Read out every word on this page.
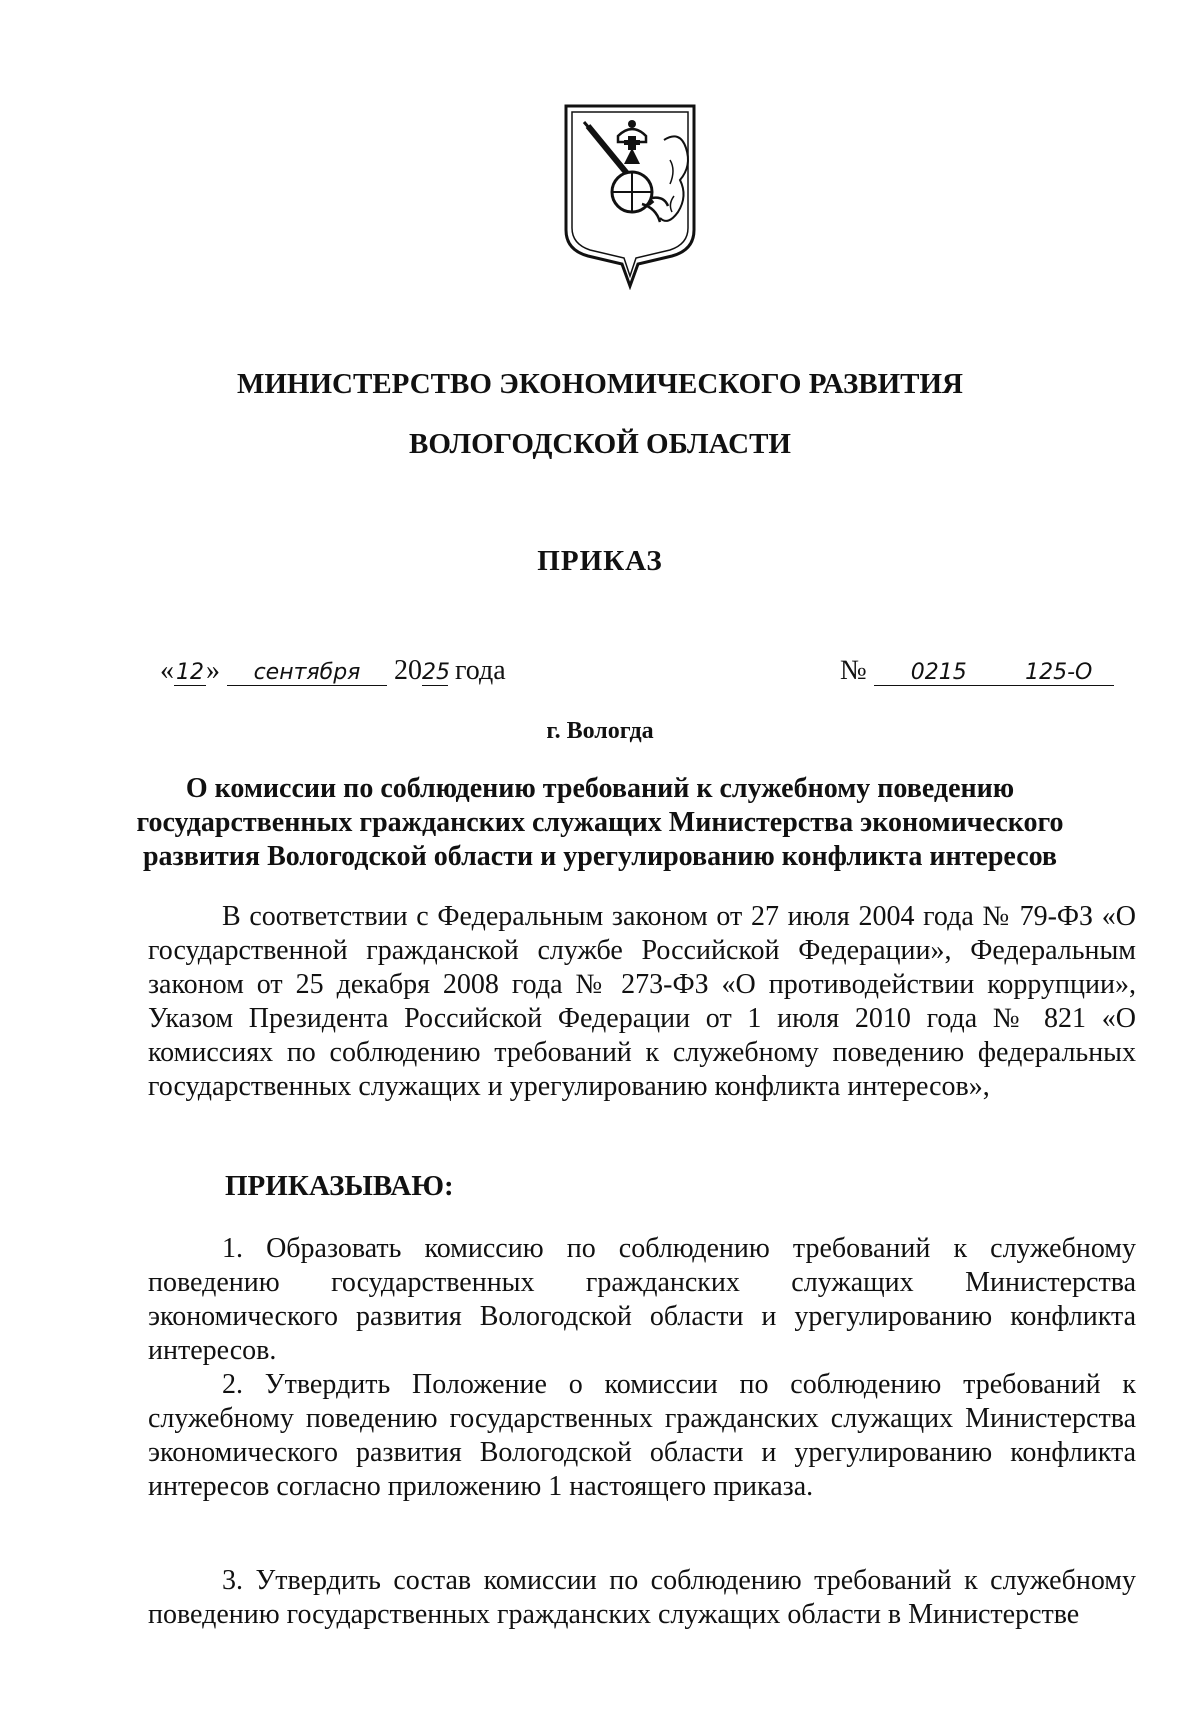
МИНИСТЕРСТВО ЭКОНОМИЧЕСКОГО РАЗВИТИЯ
ВОЛОГОДСКОЙ ОБЛАСТИ
ПРИКАЗ
«12» сентября 2025 года	№ 0215	125-О
г. Вологда
О комиссии по соблюдению требований к служебному поведению государственных гражданских служащих Министерства экономического развития Вологодской области и урегулированию конфликта интересов
В соответствии с Федеральным законом от 27 июля 2004 года № 79-ФЗ «О государственной гражданской службе Российской Федерации», Федеральным законом от 25 декабря 2008 года № 273-ФЗ «О противодействии коррупции», Указом Президента Российской Федерации от 1 июля 2010 года № 821 «О комиссиях по соблюдению требований к служебному поведению федеральных государственных служащих и урегулированию конфликта интересов»,
ПРИКАЗЫВАЮ:
1. Образовать комиссию по соблюдению требований к служебному поведению государственных гражданских служащих Министерства экономического развития Вологодской области и урегулированию конфликта интересов.
2. Утвердить Положение о комиссии по соблюдению требований к служебному поведению государственных гражданских служащих Министерства экономического развития Вологодской области и урегулированию конфликта интересов согласно приложению 1 настоящего приказа.
3. Утвердить состав комиссии по соблюдению требований к служебному поведению государственных гражданских служащих области в Министерстве
